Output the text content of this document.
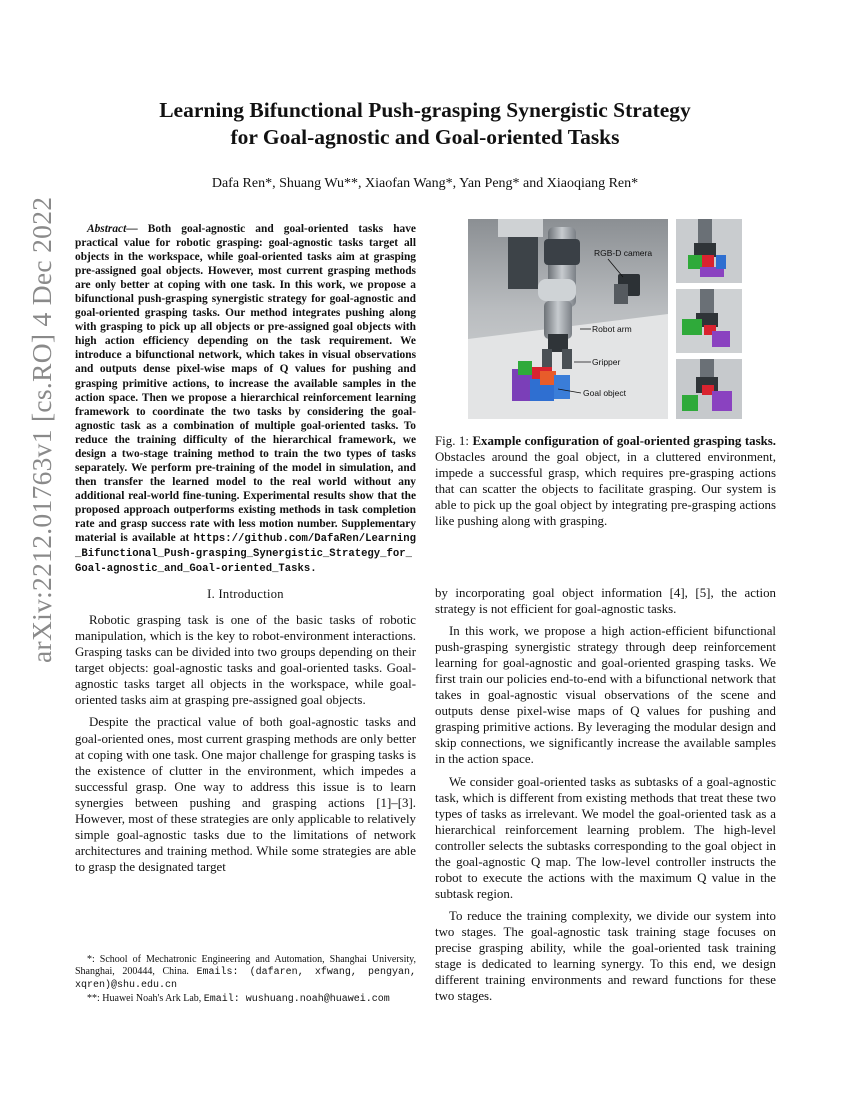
Learning Bifunctional Push-grasping Synergistic Strategy
for Goal-agnostic and Goal-oriented Tasks
Dafa Ren*, Shuang Wu**, Xiaofan Wang*, Yan Peng* and Xiaoqiang Ren*
arXiv:2212.01763v1 [cs.RO] 4 Dec 2022	Abstract— Both goal-agnostic and goal-oriented tasks have practical value for robotic grasping: goal-agnostic tasks target all objects in the workspace, while goal-oriented tasks aim at grasping pre-assigned goal objects. However, most current grasping methods are only better at coping with one task. In this work, we propose a bifunctional push-grasping synergistic strategy for goal-agnostic and goal-oriented grasping tasks. Our method integrates pushing along with grasping to pick up all objects or pre-assigned goal objects with high action efficiency depending on the task requirement. We introduce a bifunctional network, which takes in visual observations and outputs dense pixel-wise maps of Q values for pushing and grasping primitive actions, to increase the available samples in the action space. Then we propose a hierarchical reinforcement learning framework to coordinate the two tasks by considering the goal-agnostic task as a combination of multiple goal-oriented tasks. To reduce the training difficulty of the hierarchical framework, we design a two-stage training method to train the two types of tasks separately. We perform pre-training of the model in simulation, and then transfer the learned model to the real world without any additional real-world fine-tuning. Experimental results show that the proposed approach outperforms existing methods in task completion rate and grasp success rate with less motion number. Supplementary material is available at https://github.com/DafaRen/Learning_Bifunctional_Push-grasping_Synergistic_Strategy_for_Goal-agnostic_and_Goal-oriented_Tasks.

I. Introduction

Robotic grasping task is one of the basic tasks of robotic manipulation, which is the key to robot-environment interactions. Grasping tasks can be divided into two groups depending on their target objects: goal-agnostic tasks and goal-oriented tasks. Goal-agnostic tasks target all objects in the workspace, while goal-oriented tasks aim at grasping pre-assigned goal objects.

Despite the practical value of both goal-agnostic tasks and goal-oriented ones, most current grasping methods are only better at coping with one task. One major challenge for grasping tasks is the existence of clutter in the environment, which impedes a successful grasp. One way to address this issue is to learn synergies between pushing and grasping actions [1]–[3]. However, most of these strategies are only applicable to relatively simple goal-agnostic tasks due to the limitations of network architectures and training method. While some strategies are able to grasp the designated target

*: School of Mechatronic Engineering and Automation, Shanghai University, Shanghai, 200444, China. Emails: (dafaren, xfwang, pengyan, xqren)@shu.edu.cn

**: Huawei Noah's Ark Lab, Email: wushuang.noah@huawei.com

RGB-D camera
Robot arm
Gripper
Goal object
Fig. 1: Example configuration of goal-oriented grasping tasks. Obstacles around the goal object, in a cluttered environment, impede a successful grasp, which requires pre-grasping actions that can scatter the objects to facilitate grasping. Our system is able to pick up the goal object by integrating pre-grasping actions like pushing along with grasping.

by incorporating goal object information [4], [5], the action strategy is not efficient for goal-agnostic tasks.

In this work, we propose a high action-efficient bifunctional push-grasping synergistic strategy through deep reinforcement learning for goal-agnostic and goal-oriented grasping tasks. We first train our policies end-to-end with a bifunctional network that takes in goal-agnostic visual observations of the scene and outputs dense pixel-wise maps of Q values for pushing and grasping primitive actions. By leveraging the modular design and skip connections, we significantly increase the available samples in the action space.

We consider goal-oriented tasks as subtasks of a goal-agnostic task, which is different from existing methods that treat these two types of tasks as irrelevant. We model the goal-oriented task as a hierarchical reinforcement learning problem. The high-level controller selects the subtasks corresponding to the goal object in the goal-agnostic Q map. The low-level controller instructs the robot to execute the actions with the maximum Q value in the subtask region.

To reduce the training complexity, we divide our system into two stages. The goal-agnostic task training stage focuses on precise grasping ability, while the goal-oriented task training stage is dedicated to learning synergy. To this end, we design different training environments and reward functions for these two stages.
